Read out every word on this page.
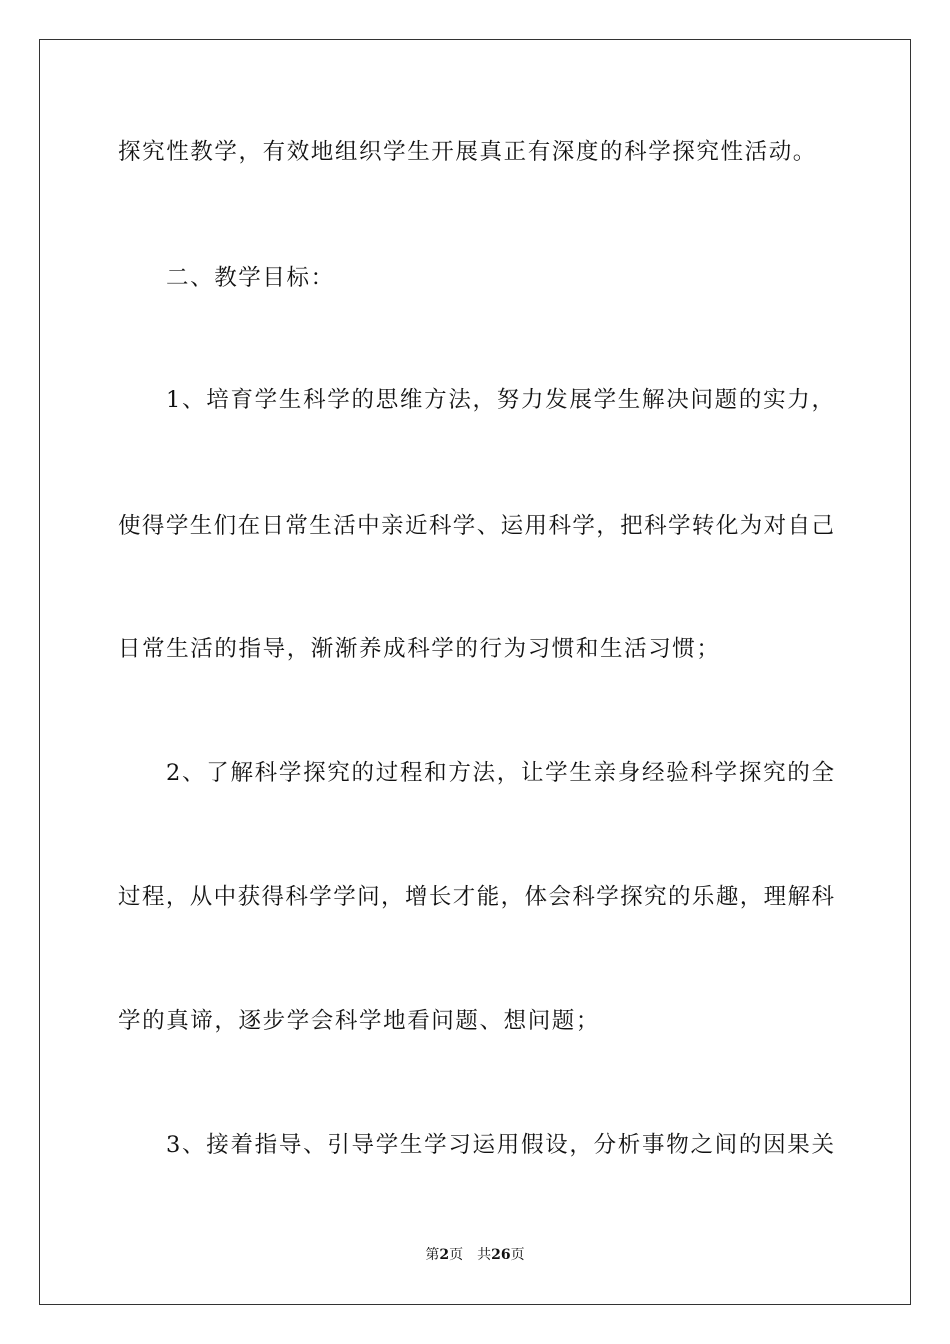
探究性教学，有效地组织学生开展真正有深度的科学探究性活动。
二、教学目标：
1、培育学生科学的思维方法，努力发展学生解决问题的实力，
使得学生们在日常生活中亲近科学、运用科学，把科学转化为对自己
日常生活的指导，渐渐养成科学的行为习惯和生活习惯；
2、了解科学探究的过程和方法，让学生亲身经验科学探究的全
过程，从中获得科学学问，增长才能，体会科学探究的乐趣，理解科
学的真谛，逐步学会科学地看问题、想问题；
3、接着指导、引导学生学习运用假设，分析事物之间的因果关
第2页 共26页
